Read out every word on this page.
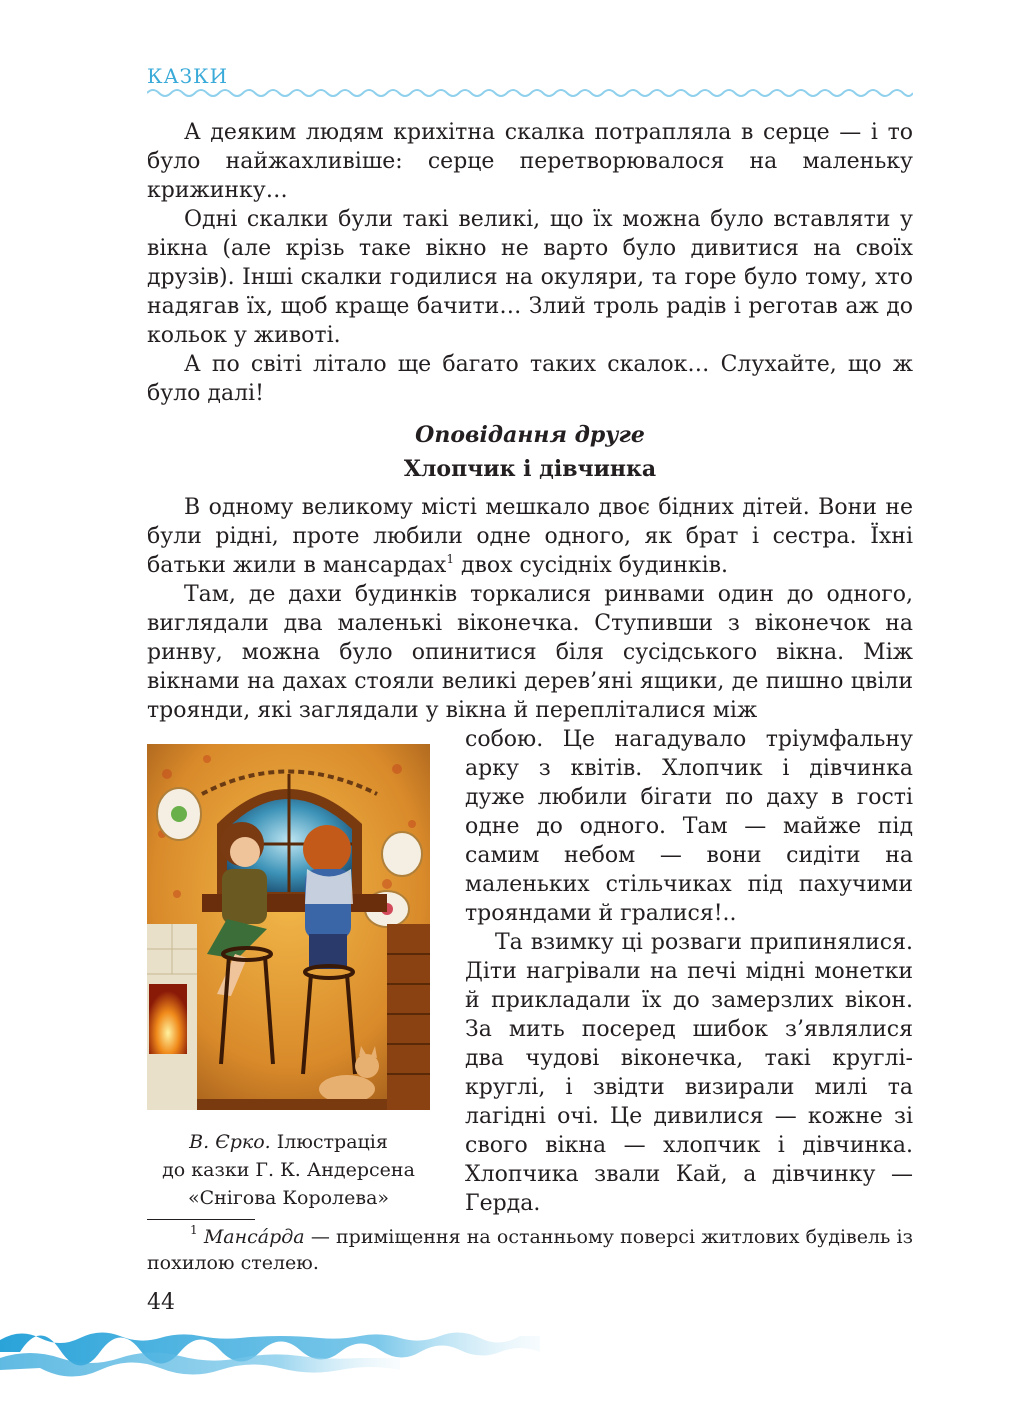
КАЗКИ

А деяким людям крихітна скалка потрапляла в серце — і то було найжахливіше: серце перетворювалося на маленьку крижинку…

Одні скалки були такі великі, що їх можна було вставляти у вікна (але крізь таке вікно не варто було дивитися на своїх друзів). Інші скалки годилися на окуляри, та горе було тому, хто надягав їх, щоб краще бачити… Злий троль радів і реготав аж до кольок у животі.

А по світі літало ще багато таких скалок… Слухайте, що ж було далі!

Оповідання друге

Хлопчик і дівчинка

В одному великому місті мешкало двоє бідних дітей. Вони не були рідні, проте любили одне одного, як брат і сестра. Їхні батьки жили в мансардах$^1$ двох сусідніх будинків.

Там, де дахи будинків торкалися ринвами один до одного, виглядали два маленькі віконечка. Ступивши з віконечок на ринву, можна було опинитися біля сусідського вікна. Між вікнами на дахах стояли великі дерев’яні ящики, де пишно цвіли троянди, які заглядали у вікна й перепліталися між

В. Єрко. Ілюстрація
до казки Г. К. Андерсена
«Снігова Королева»

собою. Це нагадувало тріумфальну арку з квітів. Хлопчик і дівчинка дуже любили бігати по даху в гості одне до одного. Там — майже під самим небом — вони сидіти на маленьких стільчиках під пахучими трояндами й гралися!..

Та взимку ці розваги припинялися. Діти нагрівали на печі мідні монетки й прикладали їх до замерзлих вікон. За мить посеред шибок з’являлися два чудові віконечка, такі круглі-круглі, і звідти визирали милі та лагідні очі. Це дивилися — кожне зі свого вікна — хлопчик і дівчинка. Хлопчика звали Кай, а дівчинку — Герда.

$^1$ Мансáрда — приміщення на останньому поверсі житлових будівель із похилою стелею.

44
